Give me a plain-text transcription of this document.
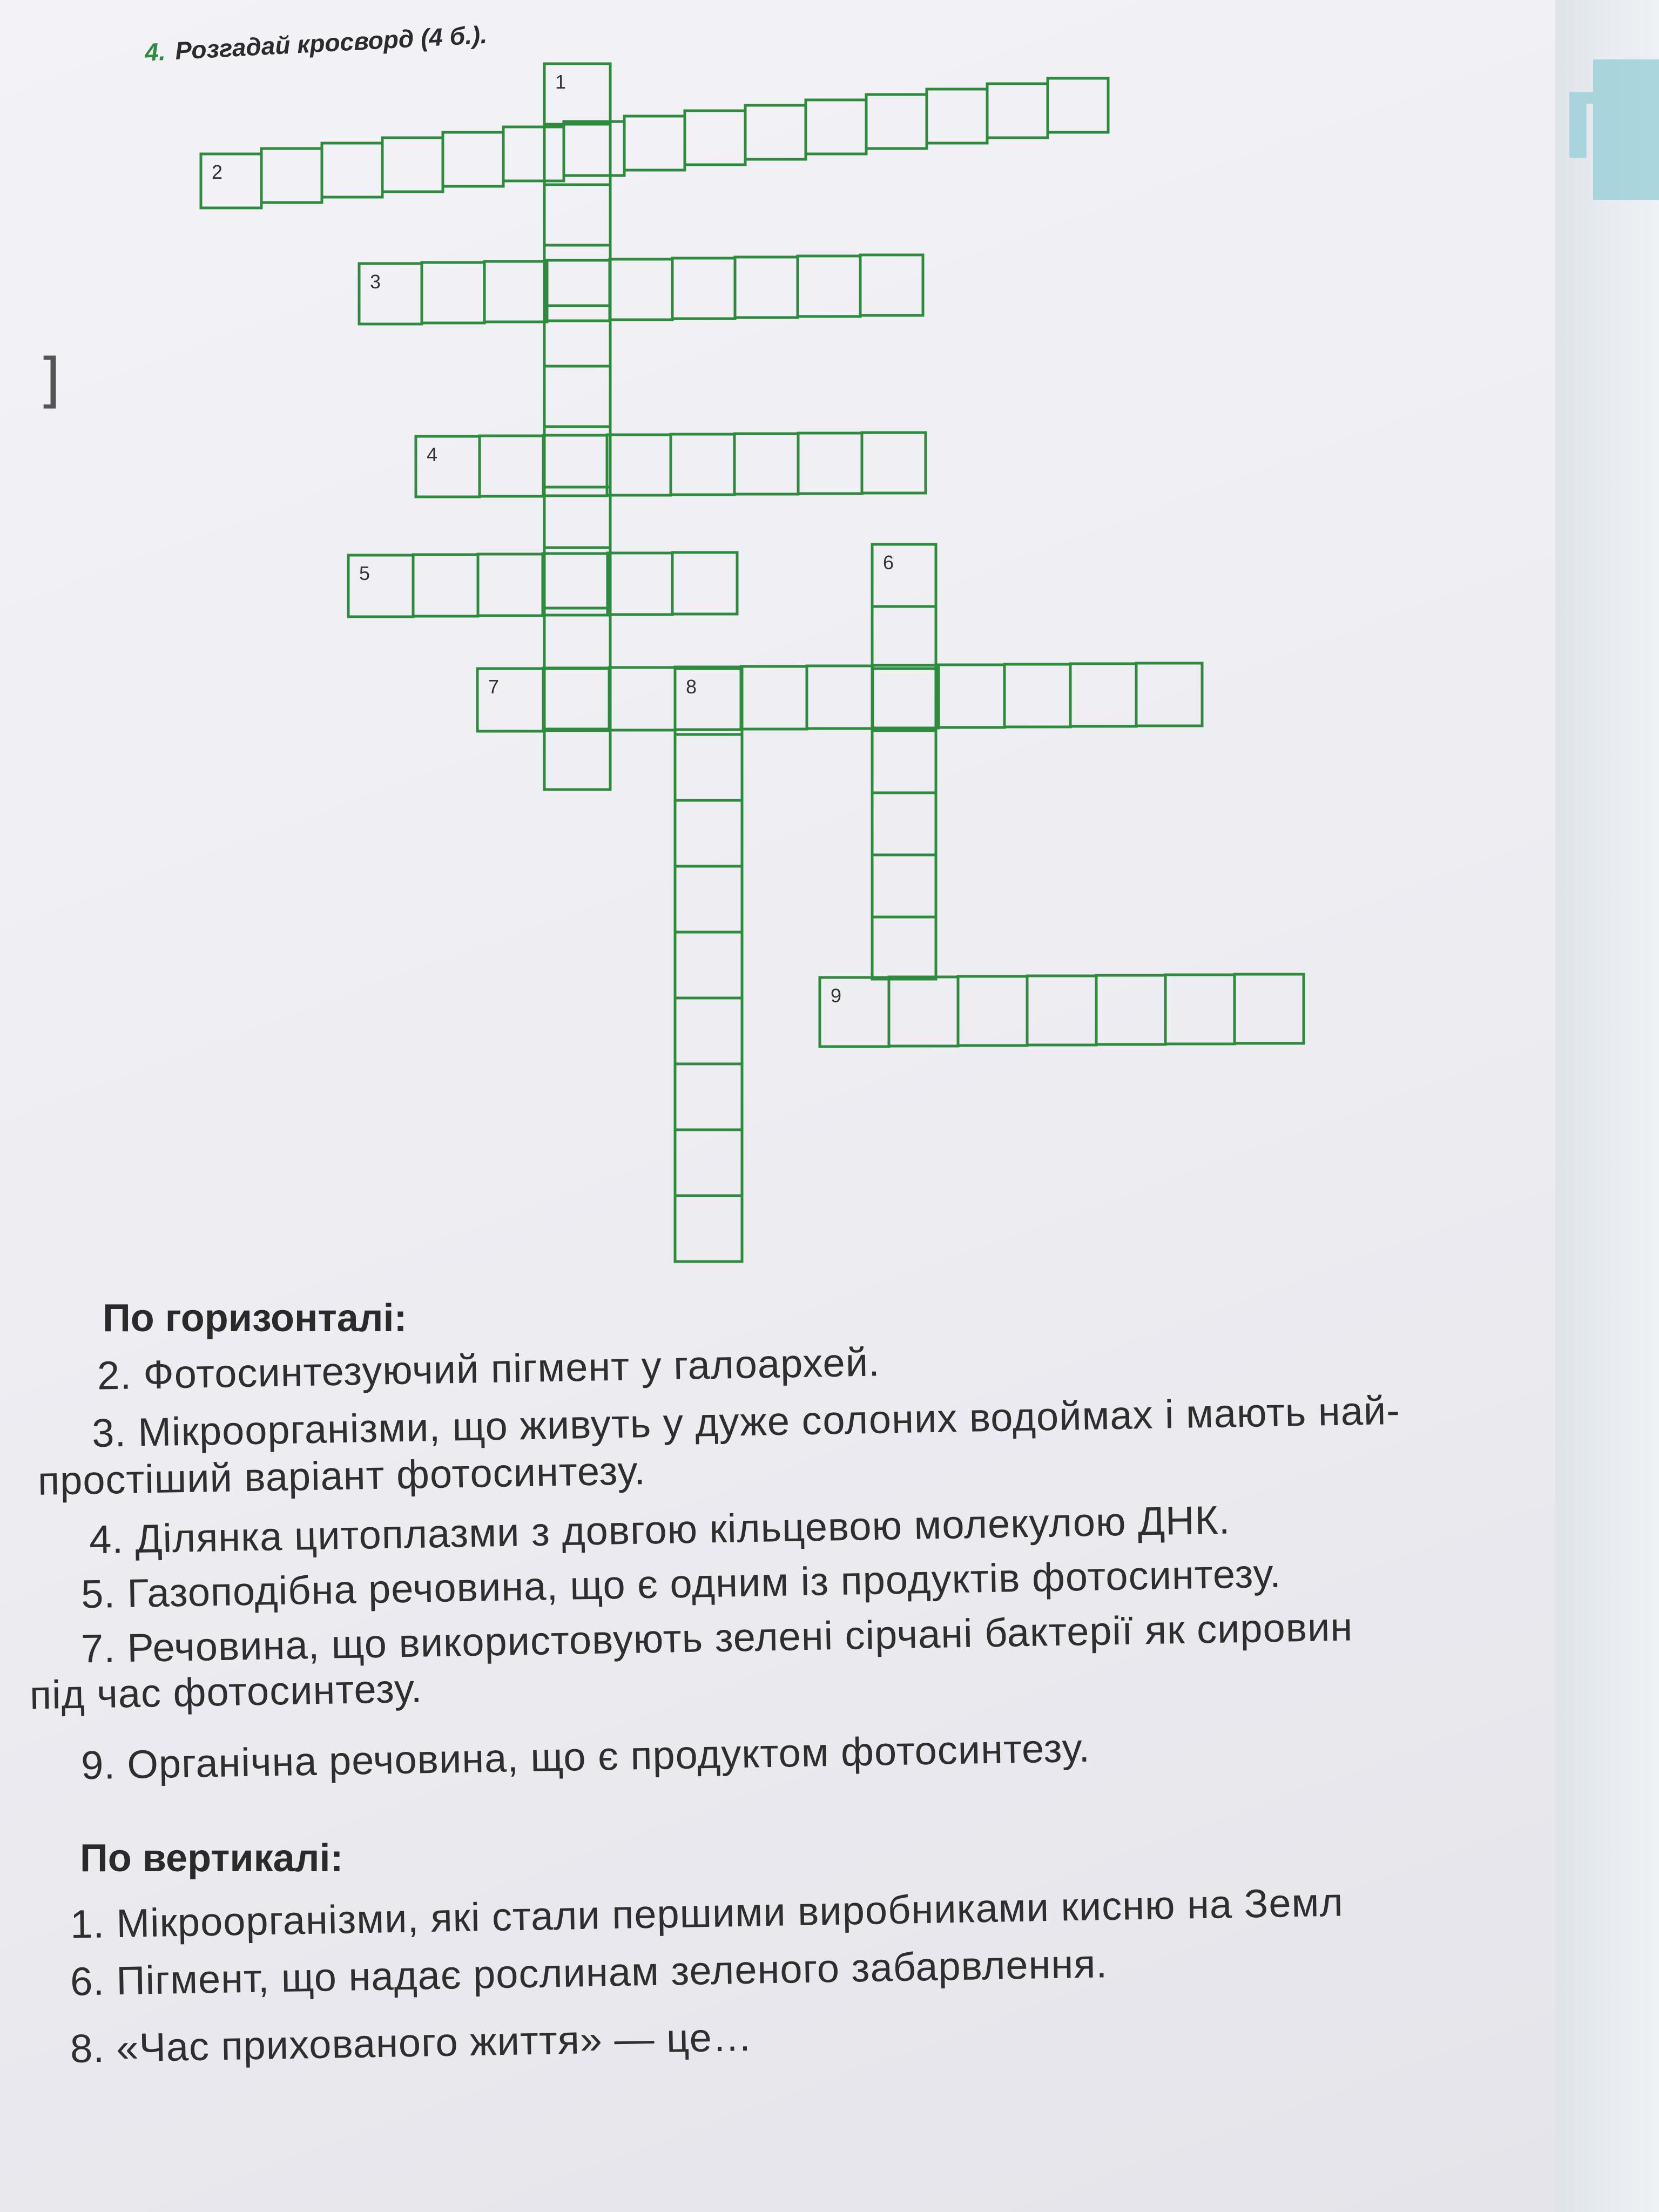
ґ
]
4. Розгадай кросворд (4 б.).
1
2
3
4
5	6
7	8
9
По горизонталі:
2. Фотосинтезуючий пігмент у галоархей.
3. Мікроорганізми, що живуть у дуже солоних водоймах і мають най-
простіший варіант фотосинтезу.
4. Ділянка цитоплазми з довгою кільцевою молекулою ДНК.
5. Газоподібна речовина, що є одним із продуктів фотосинтезу.
7. Речовина, що використовують зелені сірчані бактерії як сировин
під час фотосинтезу.
9. Органічна речовина, що є продуктом фотосинтезу.
По вертикалі:
1. Мікроорганізми, які стали першими виробниками кисню на Земл
6. Пігмент, що надає рослинам зеленого забарвлення.
8. «Час прихованого життя» — це…
